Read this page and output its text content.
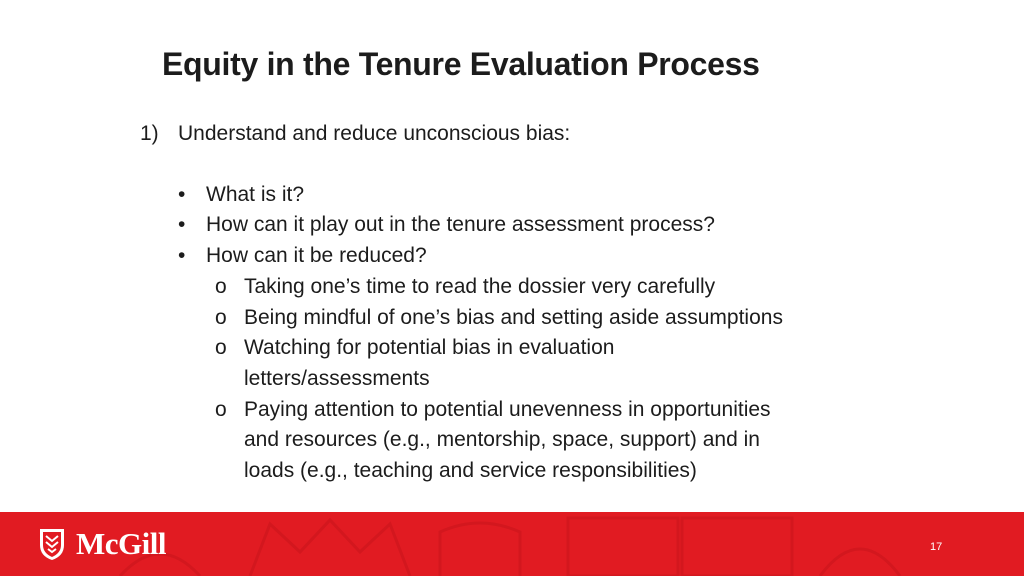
Equity in the Tenure Evaluation Process
1) Understand and reduce unconscious bias:
• What is it?
• How can it play out in the tenure assessment process?
• How can it be reduced?
o Taking one’s time to read the dossier very carefully
o Being mindful of one’s bias and setting aside assumptions
o Watching for potential bias in evaluation
letters/assessments
o Paying attention to potential unevenness in opportunities
and resources (e.g., mentorship, space, support) and in
loads (e.g., teaching and service responsibilities)
McGill	17
